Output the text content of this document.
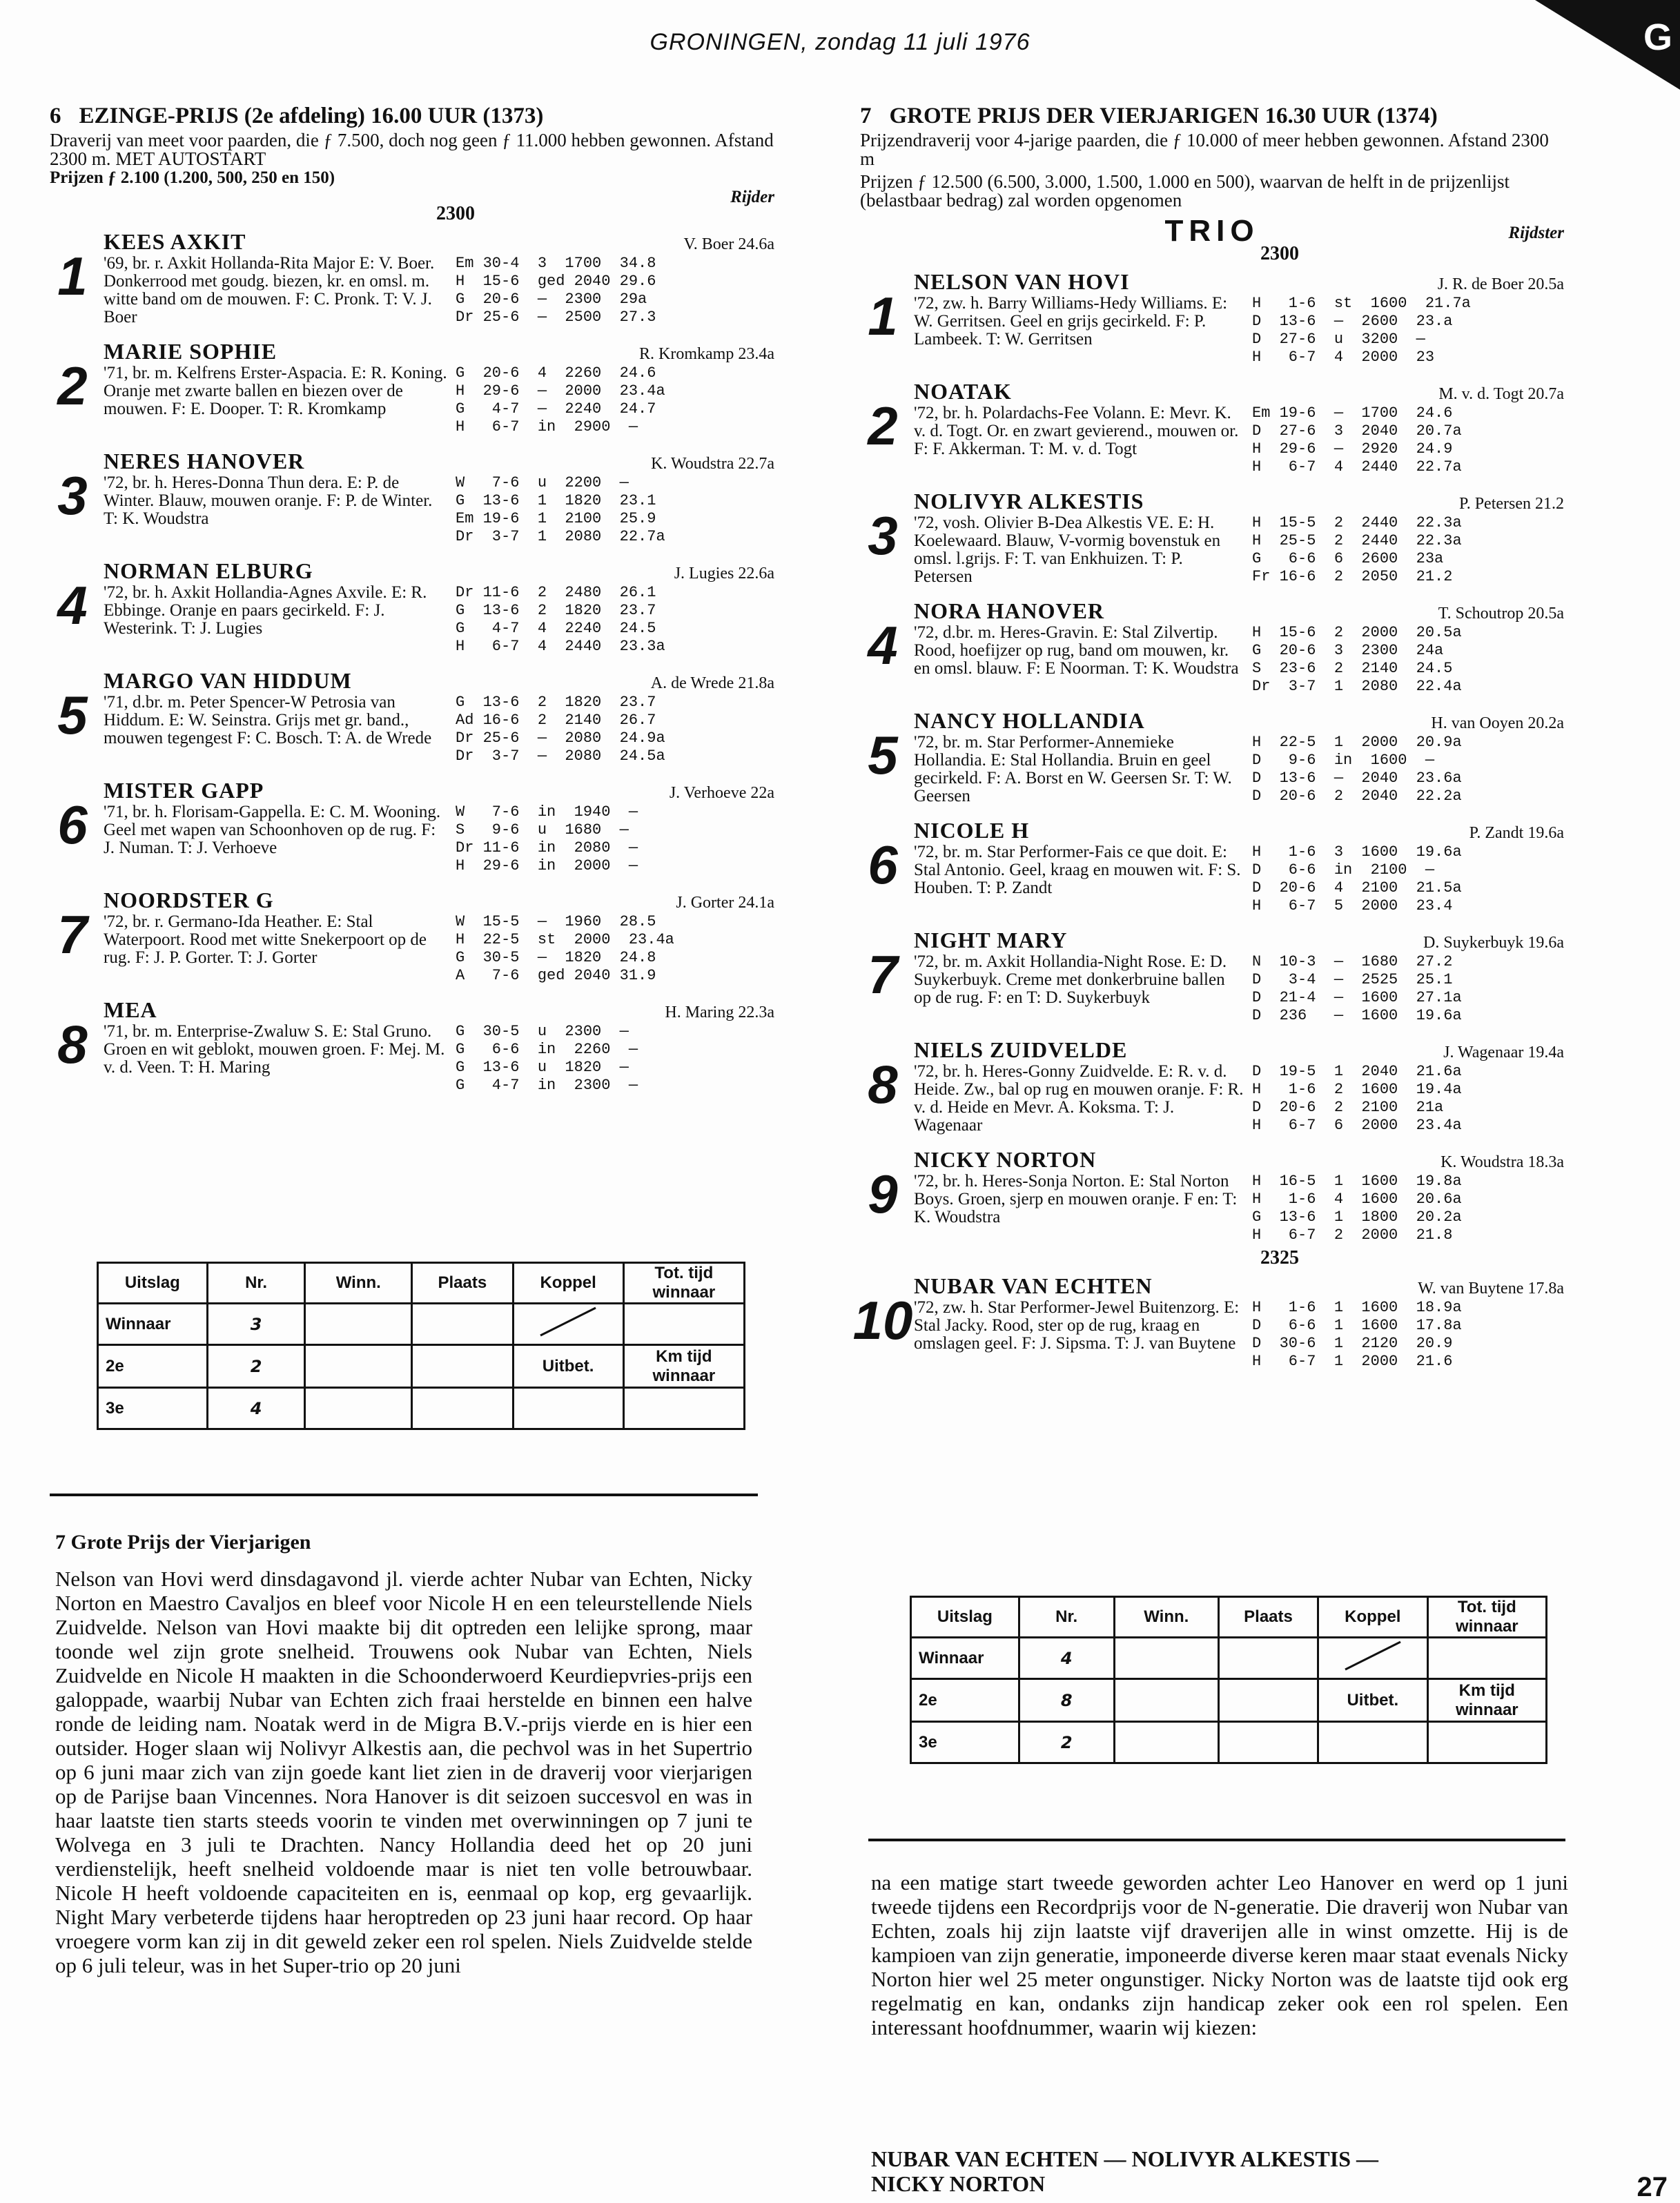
GRONINGEN, zondag 11 juli 1976	G
6 EZINGE-PRIJS (2e afdeling) 16.00 UUR (1373)

Draverij van meet voor paarden, die ƒ 7.500, doch nog geen ƒ 11.000 hebben gewonnen. Afstand 2300 m. MET AUTOSTART

Prijzen ƒ 2.100 (1.200, 500, 250 en 150)
Rijder
2300
1
KEES AXKIT	V. Boer 24.6a
'69, br. r. Axkit Hollanda-Rita Major E: V. Boer. Donkerrood met goudg. biezen, kr. en omsl. m. witte band om de mouwen. F: C. Pronk. T: V. J. Boer
Em 30-4  3  1700  34.8
H  15-6  ged 2040 29.6
G  20-6  —  2300  29a
Dr 25-6  —  2500  27.3
2
MARIE SOPHIE	R. Kromkamp 23.4a
'71, br. m. Kelfrens Erster-Aspacia. E: R. Koning. Oranje met zwarte ballen en biezen over de mouwen. F: E. Dooper. T: R. Kromkamp
G  20-6  4  2260  24.6
H  29-6  —  2000  23.4a
G   4-7  —  2240  24.7
H   6-7  in  2900  —
3
NERES HANOVER	K. Woudstra 22.7a
'72, br. h. Heres-Donna Thun dera. E: P. de Winter. Blauw, mouwen oranje. F: P. de Winter. T: K. Woudstra
W   7-6  u  2200  —
G  13-6  1  1820  23.1
Em 19-6  1  2100  25.9
Dr  3-7  1  2080  22.7a
4
NORMAN ELBURG	J. Lugies 22.6a
'72, br. h. Axkit Hollandia-Agnes Axvile. E: R. Ebbinge. Oranje en paars gecirkeld. F: J. Westerink. T: J. Lugies
Dr 11-6  2  2480  26.1
G  13-6  2  1820  23.7
G   4-7  4  2240  24.5
H   6-7  4  2440  23.3a
5
MARGO VAN HIDDUM	A. de Wrede 21.8a
'71, d.br. m. Peter Spencer-W Petrosia van Hiddum. E: W. Seinstra. Grijs met gr. band., mouwen tegengest F: C. Bosch. T: A. de Wrede
G  13-6  2  1820  23.7
Ad 16-6  2  2140  26.7
Dr 25-6  —  2080  24.9a
Dr  3-7  —  2080  24.5a
6
MISTER GAPP	J. Verhoeve 22a
'71, br. h. Florisam-Gappella. E: C. M. Wooning. Geel met wapen van Schoonhoven op de rug. F: J. Numan. T: J. Verhoeve
W   7-6  in  1940  —
S   9-6  u  1680  —
Dr 11-6  in  2080  —
H  29-6  in  2000  —
7
NOORDSTER G	J. Gorter 24.1a
'72, br. r. Germano-Ida Heather. E: Stal Waterpoort. Rood met witte Snekerpoort op de rug. F: J. P. Gorter. T: J. Gorter
W  15-5  —  1960  28.5
H  22-5  st  2000  23.4a
G  30-5  —  1820  24.8
A   7-6  ged 2040 31.9
8
MEA	H. Maring 22.3a
'71, br. m. Enterprise-Zwaluw S. E: Stal Gruno. Groen en wit geblokt, mouwen groen. F: Mej. M. v. d. Veen. T: H. Maring
G  30-5  u  2300  —
G   6-6  in  2260  —
G  13-6  u  1820  —
G   4-7  in  2300  —
Uitslag	Nr.	Winn.	Plaats	Koppel	Tot. tijd winnaar
Winnaar	3				
2e	2			Uitbet.	Km tijd winnaar
3e	4				
7 Grote Prijs der Vierjarigen
Nelson van Hovi werd dinsdagavond jl. vierde achter Nubar van Echten, Nicky Norton en Maestro Cavaljos en bleef voor Nicole H en een teleurstellende Niels Zuidvelde. Nelson van Hovi maakte bij dit optreden een lelijke sprong, maar toonde wel zijn grote snelheid. Trouwens ook Nubar van Echten, Niels Zuidvelde en Nicole H maakten in die Schoonderwoerd Keurdiepvries-prijs een galoppade, waarbij Nubar van Echten zich fraai herstelde en binnen een halve ronde de leiding nam. Noatak werd in de Migra B.V.-prijs vierde en is hier een outsider. Hoger slaan wij Nolivyr Alkestis aan, die pechvol was in het Supertrio op 6 juni maar zich van zijn goede kant liet zien in de draverij voor vierjarigen op de Parijse baan Vincennes. Nora Hanover is dit seizoen succesvol en was in haar laatste tien starts steeds voorin te vinden met overwinningen op 7 juni te Wolvega en 3 juli te Drachten. Nancy Hollandia deed het op 20 juni verdienstelijk, heeft snelheid voldoende maar is niet ten volle betrouwbaar. Nicole H heeft voldoende capaciteiten en is, eenmaal op kop, erg gevaarlijk. Night Mary verbeterde tijdens haar heroptreden op 23 juni haar record. Op haar vroegere vorm kan zij in dit geweld zeker een rol spelen. Niels Zuidvelde stelde op 6 juli teleur, was in het Super-trio op 20 juni
7 GROTE PRIJS DER VIERJARIGEN 16.30 UUR (1374)

Prijzendraverij voor 4-jarige paarden, die ƒ 10.000 of meer hebben gewonnen. Afstand 2300 m

Prijzen ƒ 12.500 (6.500, 3.000, 1.500, 1.000 en 500), waarvan de helft in de prijzenlijst (belastbaar bedrag) zal worden opgenomen

TRIO
2300
Rijdster
1
NELSON VAN HOVI	J. R. de Boer 20.5a
'72, zw. h. Barry Williams-Hedy Williams. E: W. Gerritsen. Geel en grijs gecirkeld. F: P. Lambeek. T: W. Gerritsen
H   1-6  st  1600  21.7a
D  13-6  —  2600  23.a
D  27-6  u  3200  —
H   6-7  4  2000  23
2
NOATAK	M. v. d. Togt 20.7a
'72, br. h. Polardachs-Fee Volann. E: Mevr. K. v. d. Togt. Or. en zwart gevierend., mouwen or. F: F. Akkerman. T: M. v. d. Togt
Em 19-6  —  1700  24.6
D  27-6  3  2040  20.7a
H  29-6  —  2920  24.9
H   6-7  4  2440  22.7a
3
NOLIVYR ALKESTIS	P. Petersen 21.2
'72, vosh. Olivier B-Dea Alkestis VE. E: H. Koelewaard. Blauw, V-vormig bovenstuk en omsl. l.grijs. F: T. van Enkhuizen. T: P. Petersen
H  15-5  2  2440  22.3a
H  25-5  2  2440  22.3a
G   6-6  6  2600  23a
Fr 16-6  2  2050  21.2
4
NORA HANOVER	T. Schoutrop 20.5a
'72, d.br. m. Heres-Gravin. E: Stal Zilvertip. Rood, hoefijzer op rug, band om mouwen, kr. en omsl. blauw. F: E Noorman. T: K. Woudstra
H  15-6  2  2000  20.5a
G  20-6  3  2300  24a
S  23-6  2  2140  24.5
Dr  3-7  1  2080  22.4a
5
NANCY HOLLANDIA	H. van Ooyen 20.2a
'72, br. m. Star Performer-Annemieke Hollandia. E: Stal Hollandia. Bruin en geel gecirkeld. F: A. Borst en W. Geersen Sr. T: W. Geersen
H  22-5  1  2000  20.9a
D   9-6  in  1600  —
D  13-6  —  2040  23.6a
D  20-6  2  2040  22.2a
6
NICOLE H	P. Zandt 19.6a
'72, br. m. Star Performer-Fais ce que doit. E: Stal Antonio. Geel, kraag en mouwen wit. F: S. Houben. T: P. Zandt
H   1-6  3  1600  19.6a
D   6-6  in  2100  —
D  20-6  4  2100  21.5a
H   6-7  5  2000  23.4
7
NIGHT MARY	D. Suykerbuyk 19.6a
'72, br. m. Axkit Hollandia-Night Rose. E: D. Suykerbuyk. Creme met donkerbruine ballen op de rug. F: en T: D. Suykerbuyk
N  10-3  —  1680  27.2
D   3-4  —  2525  25.1
D  21-4  —  1600  27.1a
D  236   —  1600  19.6a
8
NIELS ZUIDVELDE	J. Wagenaar 19.4a
'72, br. h. Heres-Gonny Zuidvelde. E: R. v. d. Heide. Zw., bal op rug en mouwen oranje. F: R. v. d. Heide en Mevr. A. Koksma. T: J. Wagenaar
D  19-5  1  2040  21.6a
H   1-6  2  1600  19.4a
D  20-6  2  2100  21a
H   6-7  6  2000  23.4a
9
NICKY NORTON	K. Woudstra 18.3a
'72, br. h. Heres-Sonja Norton. E: Stal Norton Boys. Groen, sjerp en mouwen oranje. F en: T: K. Woudstra
H  16-5  1  1600  19.8a
H   1-6  4  1600  20.6a
G  13-6  1  1800  20.2a
H   6-7  2  2000  21.8
2325
10
NUBAR VAN ECHTEN	W. van Buytene 17.8a
'72, zw. h. Star Performer-Jewel Buitenzorg. E: Stal Jacky. Rood, ster op de rug, kraag en omslagen geel. F: J. Sipsma. T: J. van Buytene
H   1-6  1  1600  18.9a
D   6-6  1  1600  17.8a
D  30-6  1  2120  20.9
H   6-7  1  2000  21.6
Uitslag	Nr.	Winn.	Plaats	Koppel	Tot. tijd winnaar
Winnaar	4				
2e	8			Uitbet.	Km tijd winnaar
3e	2				
na een matige start tweede geworden achter Leo Hanover en werd op 1 juni tweede tijdens een Recordprijs voor de N-generatie. Die draverij won Nubar van Echten, zoals hij zijn laatste vijf draverijen alle in winst omzette. Hij is de kampioen van zijn generatie, imponeerde diverse keren maar staat evenals Nicky Norton hier wel 25 meter ongunstiger. Nicky Norton was de laatste tijd ook erg regelmatig en kan, ondanks zijn handicap zeker ook een rol spelen. Een interessant hoofdnummer, waarin wij kiezen:
NUBAR VAN ECHTEN — NOLIVYR ALKESTIS —
NICKY NORTON	27
